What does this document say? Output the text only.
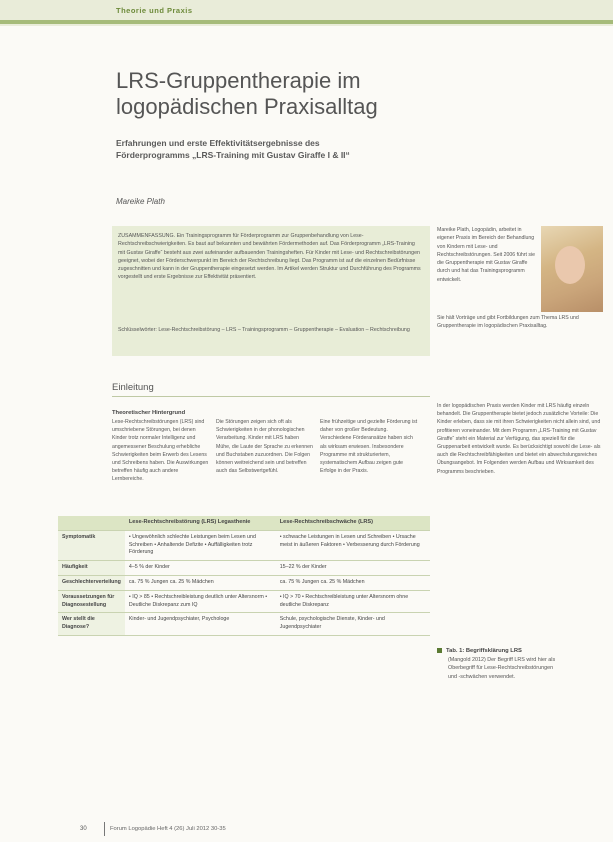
Theorie und Praxis
LRS-Gruppentherapie im
logopädischen Praxisalltag
Erfahrungen und erste Effektivitätsergebnisse des
Förderprogramms „LRS-Training mit Gustav Giraffe I & II“
Mareike Plath
ZUSAMMENFASSUNG. Ein Trainingsprogramm für Förderprogramm zur Gruppenbehandlung von Lese-Rechtschreibschwierigkeiten. Es baut auf bekannten und bewährten Fördermethoden auf. Das Förderprogramm „LRS-Training mit Gustav Giraffe“ besteht aus zwei aufeinander aufbauenden Trainingsheften. Für Kinder mit Lese- und Rechtschreibstörungen geeignet, wobei der Förderschwerpunkt im Bereich der Rechtschreibung liegt. Das Programm ist auf die einzelnen Bedürfnisse zugeschnitten und kann in der Gruppentherapie eingesetzt werden. Im Artikel werden Struktur und Durchführung des Programms vorgestellt und erste Ergebnisse zur Effektivität präsentiert.
Schlüsselwörter: Lese-Rechtschreibstörung – LRS – Trainingsprogramm – Gruppentherapie – Evaluation – Rechtschreibung
Mareike Plath, Logopädin, arbeitet in eigener Praxis im Bereich der Behandlung von Kindern mit Lese- und Rechtschreibstörungen. Seit 2006 führt sie die Gruppentherapie mit Gustav Giraffe durch und hat das Trainingsprogramm entwickelt.
Sie hält Vorträge und gibt Fortbildungen zum Thema LRS und Gruppentherapie im logopädischen Praxisalltag.
Einleitung
Theoretischer Hintergrund
Lese-Rechtschreibstörungen (LRS) sind umschriebene Störungen, bei denen Kinder trotz normaler Intelligenz und angemessener Beschulung erhebliche Schwierigkeiten beim Erwerb des Lesens und Schreibens haben. Die Auswirkungen betreffen häufig auch andere Lernbereiche.
Die Störungen zeigen sich oft als Schwierigkeiten in der phonologischen Verarbeitung. Kinder mit LRS haben Mühe, die Laute der Sprache zu erkennen und Buchstaben zuzuordnen. Die Folgen können weitreichend sein und betreffen auch das Selbstwertgefühl.
Eine frühzeitige und gezielte Förderung ist daher von großer Bedeutung. Verschiedene Förderansätze haben sich als wirksam erwiesen. Insbesondere Programme mit strukturiertem, systematischem Aufbau zeigen gute Erfolge in der Praxis.
In der logopädischen Praxis werden Kinder mit LRS häufig einzeln behandelt. Die Gruppentherapie bietet jedoch zusätzliche Vorteile: Die Kinder erleben, dass sie mit ihren Schwierigkeiten nicht allein sind, und profitieren voneinander. Mit dem Programm „LRS-Training mit Gustav Giraffe“ steht ein Material zur Verfügung, das speziell für die Gruppenarbeit entwickelt wurde. Es berücksichtigt sowohl die Lese- als auch die Rechtschreibfähigkeiten und bietet ein abwechslungsreiches Übungsangebot. Im Folgenden werden Aufbau und Wirksamkeit des Programms beschrieben.
	Lese-Rechtschreibstörung (LRS) Legasthenie	Lese-Rechtschreibschwäche (LRS)
Symptomatik	• Ungewöhnlich schlechte Leistungen beim Lesen und Schreiben • Anhaltende Defizite • Auffälligkeiten trotz Förderung	• schwache Leistungen in Lesen und Schreiben • Ursache meist in äußeren Faktoren • Verbesserung durch Förderung
Häufigkeit	4–5 % der Kinder	15–22 % der Kinder
Geschlechterverteilung	ca. 75 % Jungen ca. 25 % Mädchen	ca. 75 % Jungen ca. 25 % Mädchen
Voraussetzungen für Diagnosestellung	• IQ > 85 • Rechtschreibleistung deutlich unter Altersnorm • Deutliche Diskrepanz zum IQ	• IQ > 70 • Rechtschreibleistung unter Altersnorm ohne deutliche Diskrepanz
Wer stellt die Diagnose?	Kinder- und Jugendpsychiater, Psychologe	Schule, psychologische Dienste, Kinder- und Jugendpsychiater
Tab. 1: Begriffsklärung LRS
(Mangold 2012) Der Begriff LRS wird hier als Oberbegriff für Lese-Rechtschreibstörungen und -schwächen verwendet.
30	Forum Logopädie Heft 4 (26) Juli 2012 30-35
